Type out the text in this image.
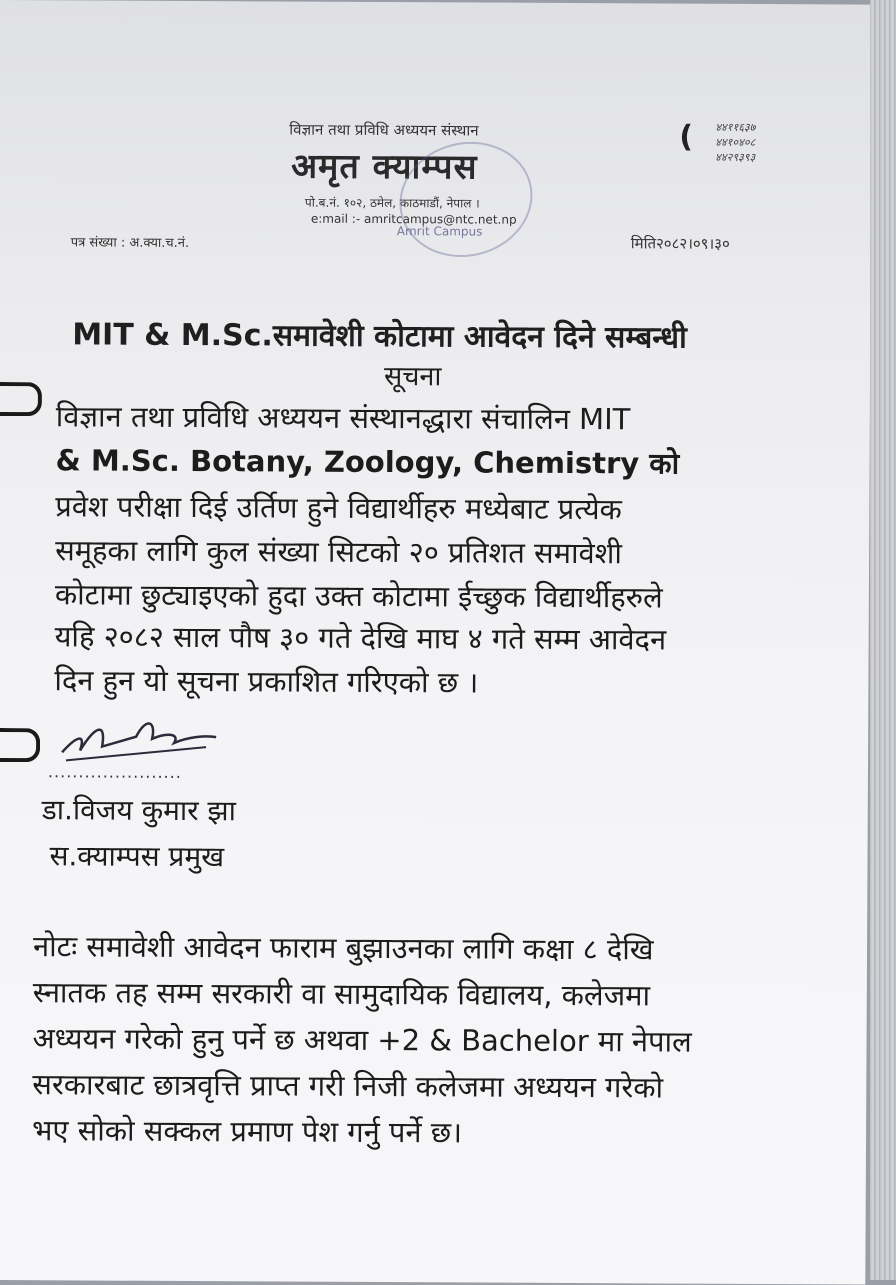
विज्ञान तथा प्रविधि अध्ययन संस्थान
अमृत क्याम्पस
पो.ब.नं. १०२, ठमेल, काठमाडौं, नेपाल ।
e:mail :- amritcampus@ntc.net.np
Amrit Campus
( ४४११६३७
४४१०४०८
४४२९३९३
पत्र संख्या : अ.क्या.च.नं.	मिति२०८२।०९।३०
MIT & M.Sc.समावेशी कोटामा आवेदन दिने सम्बन्धी
सूचना
विज्ञान तथा प्रविधि अध्ययन संस्थानद्धारा संचालिन MIT
& M.Sc. Botany, Zoology, Chemistry को
प्रवेश परीक्षा दिई उर्तिण हुने विद्यार्थीहरु मध्येबाट प्रत्येक
समूहका लागि कुल संख्या सिटको २० प्रतिशत समावेशी
कोटामा छुट्याइएको हुदा उक्त कोटामा ईच्छुक विद्यार्थीहरुले
यहि २०८२ साल पौष ३० गते देखि माघ ४ गते सम्म आवेदन
दिन हुन यो सूचना प्रकाशित गरिएको छ ।
......................
डा.विजय कुमार झा
स.क्याम्पस प्रमुख
नोटः समावेशी आवेदन फाराम बुझाउनका लागि कक्षा ८ देखि
स्नातक तह सम्म सरकारी वा सामुदायिक विद्यालय, कलेजमा
अध्ययन गरेको हुनु पर्ने छ अथवा +2 & Bachelor मा नेपाल
सरकारबाट छात्रवृत्ति प्राप्त गरी निजी कलेजमा अध्ययन गरेको
भए सोको सक्कल प्रमाण पेश गर्नु पर्ने छ।
